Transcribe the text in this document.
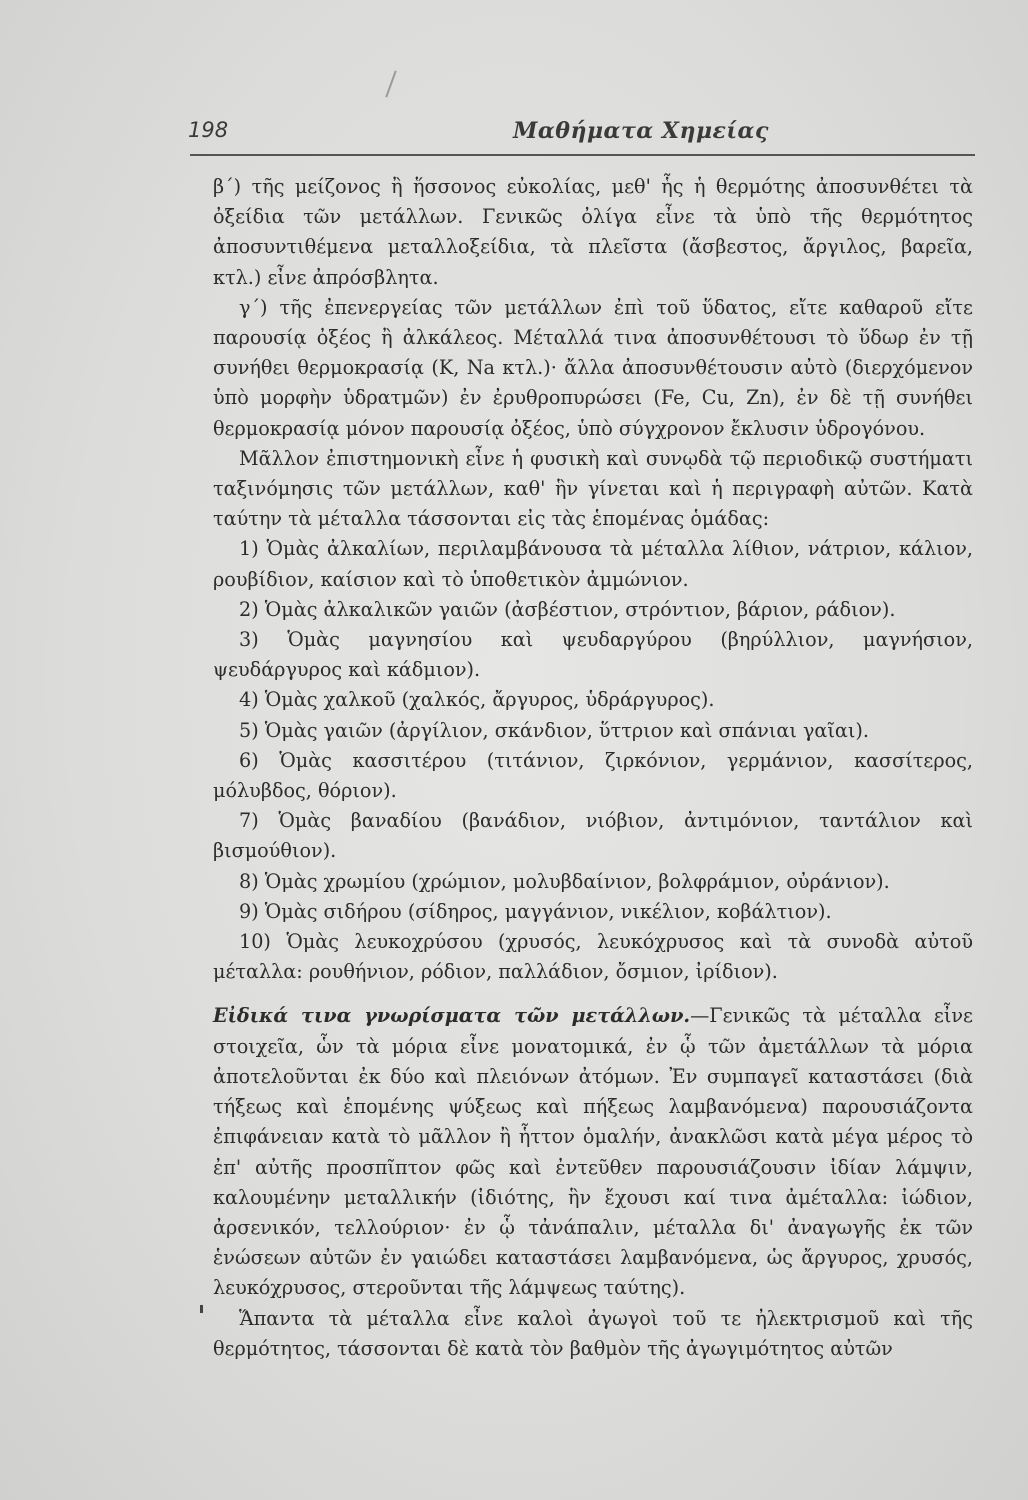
198	Μαθήματα Χημείας

β΄) τῆς μείζονος ἢ ἥσσονος εὐκολίας, μεθ' ἧς ἡ θερμότης ἀποσυνθέτει τὰ ὀξείδια τῶν μετάλλων. Γενικῶς ὀλίγα εἶνε τὰ ὑπὸ τῆς θερμότητος ἀποσυντιθέμενα μεταλλοξείδια, τὰ πλεῖστα (ἄσβεστος, ἄργιλος, βαρεῖα, κτλ.) εἶνε ἀπρόσβλητα.

γ΄) τῆς ἐπενεργείας τῶν μετάλλων ἐπὶ τοῦ ὕδατος, εἴτε καθαροῦ εἴτε παρουσίᾳ ὀξέος ἢ ἀλκάλεος. Μέταλλά τινα ἀποσυνθέτουσι τὸ ὕδωρ ἐν τῇ συνήθει θερμοκρασίᾳ (K, Na κτλ.)· ἄλλα ἀποσυνθέτουσιν αὐτὸ (διερχόμενον ὑπὸ μορφὴν ὑδρατμῶν) ἐν ἐρυθροπυρώσει (Fe, Cu, Zn), ἐν δὲ τῇ συνήθει θερμοκρασίᾳ μόνον παρουσίᾳ ὀξέος, ὑπὸ σύγχρονον ἔκλυσιν ὑδρογόνου.

Μᾶλλον ἐπιστημονικὴ εἶνε ἡ φυσικὴ καὶ συνῳδὰ τῷ περιοδικῷ συστήματι ταξινόμησις τῶν μετάλλων, καθ' ἣν γίνεται καὶ ἡ περιγραφὴ αὐτῶν. Κατὰ ταύτην τὰ μέταλλα τάσσονται εἰς τὰς ἑπομένας ὁμάδας:

1) Ὁμὰς ἀλκαλίων, περιλαμβάνουσα τὰ μέταλλα λίθιον, νάτριον, κάλιον, ρουβίδιον, καίσιον καὶ τὸ ὑποθετικὸν ἀμμώνιον.

2) Ὁμὰς ἀλκαλικῶν γαιῶν (ἀσβέστιον, στρόντιον, βάριον, ράδιον).

3) Ὁμὰς μαγνησίου καὶ ψευδαργύρου (βηρύλλιον, μαγνήσιον, ψευδάργυρος καὶ κάδμιον).

4) Ὁμὰς χαλκοῦ (χαλκός, ἄργυρος, ὑδράργυρος).

5) Ὁμὰς γαιῶν (ἀργίλιον, σκάνδιον, ὕττριον καὶ σπάνιαι γαῖαι).

6) Ὁμὰς κασσιτέρου (τιτάνιον, ζιρκόνιον, γερμάνιον, κασσίτερος, μόλυβδος, θόριον).

7) Ὁμὰς βαναδίου (βανάδιον, νιόβιον, ἀντιμόνιον, ταντάλιον καὶ βισμούθιον).

8) Ὁμὰς χρωμίου (χρώμιον, μολυβδαίνιον, βολφράμιον, οὐράνιον).

9) Ὁμὰς σιδήρου (σίδηρος, μαγγάνιον, νικέλιον, κοβάλτιον).

10) Ὁμὰς λευκοχρύσου (χρυσός, λευκόχρυσος καὶ τὰ συνοδὰ αὐτοῦ μέταλλα: ρουθήνιον, ρόδιον, παλλάδιον, ὄσμιον, ἰρίδιον).

Εἰδικά τινα γνωρίσματα τῶν μετάλλων.—Γενικῶς τὰ μέταλλα εἶνε στοιχεῖα, ὧν τὰ μόρια εἶνε μονατομικά, ἐν ᾧ τῶν ἀμετάλλων τὰ μόρια ἀποτελοῦνται ἐκ δύο καὶ πλειόνων ἀτόμων. Ἐν συμπαγεῖ καταστάσει (διὰ τήξεως καὶ ἑπομένης ψύξεως καὶ πήξεως λαμβανόμενα) παρουσιάζοντα ἐπιφάνειαν κατὰ τὸ μᾶλλον ἢ ἧττον ὁμαλήν, ἀνακλῶσι κατὰ μέγα μέρος τὸ ἐπ' αὐτῆς προσπῖπτον φῶς καὶ ἐντεῦθεν παρουσιάζουσιν ἰδίαν λάμψιν, καλουμένην μεταλλικήν (ἰδιότης, ἣν ἔχουσι καί τινα ἀμέταλλα: ἰώδιον, ἀρσενικόν, τελλούριον· ἐν ᾧ τἀνάπαλιν, μέταλλα δι' ἀναγωγῆς ἐκ τῶν ἑνώσεων αὐτῶν ἐν γαιώδει καταστάσει λαμβανόμενα, ὡς ἄργυρος, χρυσός, λευκόχρυσος, στεροῦνται τῆς λάμψεως ταύτης).

Ἅπαντα τὰ μέταλλα εἶνε καλοὶ ἀγωγοὶ τοῦ τε ἠλεκτρισμοῦ καὶ τῆς θερμότητος, τάσσονται δὲ κατὰ τὸν βαθμὸν τῆς ἀγωγιμότητος αὐτῶν
